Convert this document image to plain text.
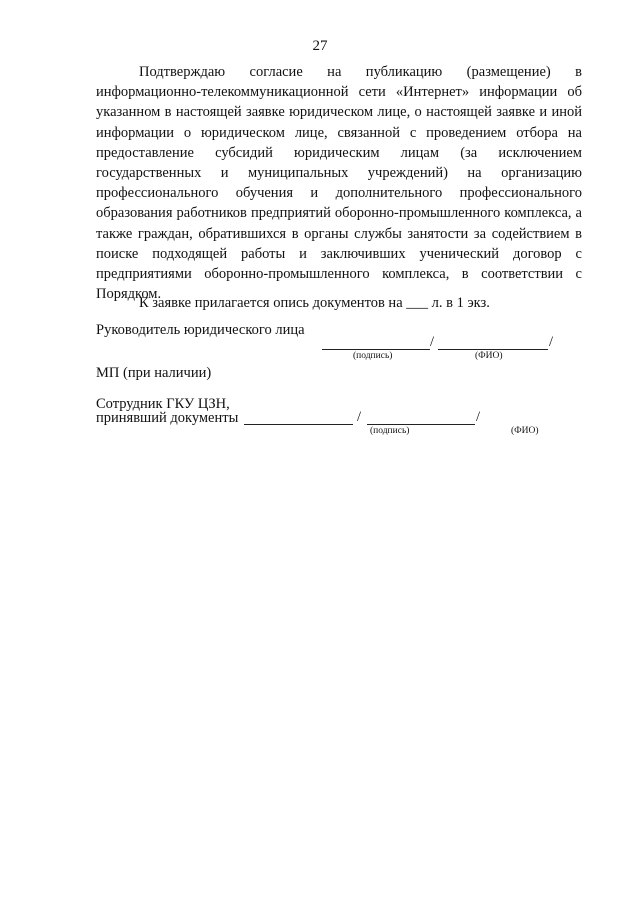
27

Подтверждаю согласие на публикацию (размещение) в информационно-телекоммуникационной сети «Интернет» информации об указанном в настоящей заявке юридическом лице, о настоящей заявке и иной информации о юридическом лице, связанной с проведением отбора на предоставление субсидий юридическим лицам (за исключением государственных и муниципальных учреждений) на организацию профессионального обучения и дополнительного профессионального образования работников предприятий оборонно-промышленного комплекса, а также граждан, обратившихся в органы службы занятости за содействием в поиске подходящей работы и заключивших ученический договор с предприятиями оборонно-промышленного комплекса, в соответствии с Порядком.

К заявке прилагается опись документов на ___ л. в 1 экз.
Руководитель юридического лица
/	/
(подпись)	(ФИО)
МП (при наличии)
Сотрудник ГКУ ЦЗН,
принявший документы	/	/
(подпись)	(ФИО)
